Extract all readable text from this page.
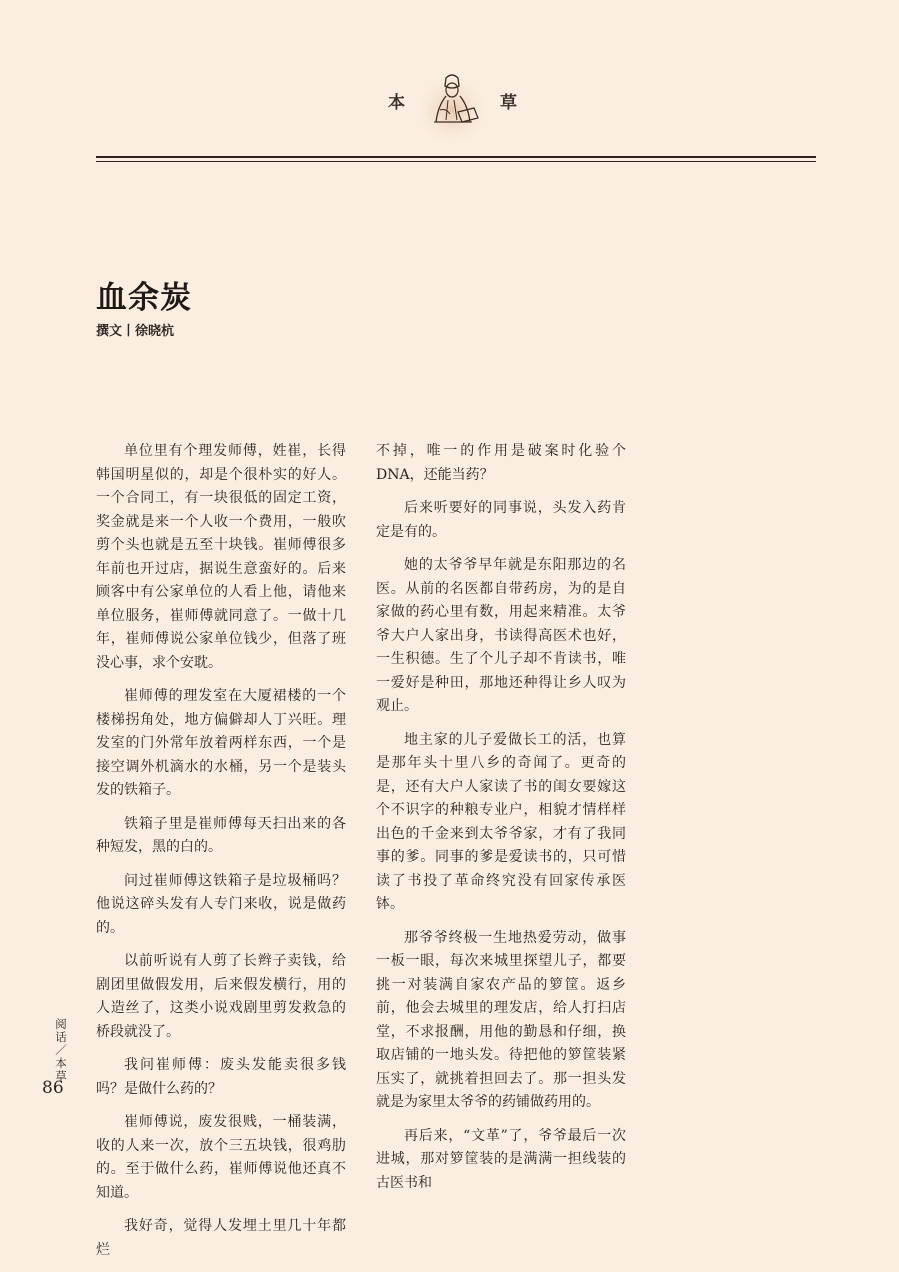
本	草
血余炭
撰文丨徐晓杭

单位里有个理发师傅，姓崔，长得韩国明星似的，却是个很朴实的好人。一个合同工，有一块很低的固定工资，奖金就是来一个人收一个费用，一般吹剪个头也就是五至十块钱。崔师傅很多年前也开过店，据说生意蛮好的。后来顾客中有公家单位的人看上他，请他来单位服务，崔师傅就同意了。一做十几年，崔师傅说公家单位钱少，但落了班没心事，求个安耽。

崔师傅的理发室在大厦裙楼的一个楼梯拐角处，地方偏僻却人丁兴旺。理发室的门外常年放着两样东西，一个是接空调外机滴水的水桶，另一个是装头发的铁箱子。

铁箱子里是崔师傅每天扫出来的各种短发，黑的白的。

问过崔师傅这铁箱子是垃圾桶吗？他说这碎头发有人专门来收，说是做药的。

以前听说有人剪了长辫子卖钱，给剧团里做假发用，后来假发横行，用的人造丝了，这类小说戏剧里剪发救急的桥段就没了。

我问崔师傅：废头发能卖很多钱吗？是做什么药的？

崔师傅说，废发很贱，一桶装满，收的人来一次，放个三五块钱，很鸡肋的。至于做什么药，崔师傅说他还真不知道。

我好奇，觉得人发埋土里几十年都烂

不掉，唯一的作用是破案时化验个DNA，还能当药？

后来听要好的同事说，头发入药肯定是有的。

她的太爷爷早年就是东阳那边的名医。从前的名医都自带药房，为的是自家做的药心里有数，用起来精准。太爷爷大户人家出身，书读得高医术也好，一生积德。生了个儿子却不肯读书，唯一爱好是种田，那地还种得让乡人叹为观止。

地主家的儿子爱做长工的活，也算是那年头十里八乡的奇闻了。更奇的是，还有大户人家读了书的闺女要嫁这个不识字的种粮专业户，相貌才情样样出色的千金来到太爷爷家，才有了我同事的爹。同事的爹是爱读书的，只可惜读了书投了革命终究没有回家传承医钵。

那爷爷终极一生地热爱劳动，做事一板一眼，每次来城里探望儿子，都要挑一对装满自家农产品的箩筐。返乡前，他会去城里的理发店，给人打扫店堂，不求报酬，用他的勤恳和仔细，换取店铺的一地头发。待把他的箩筐装紧压实了，就挑着担回去了。那一担头发就是为家里太爷爷的药铺做药用的。

再后来，“文革”了，爷爷最后一次进城，那对箩筐装的是满满一担线装的古医书和

阅话／本草
86
